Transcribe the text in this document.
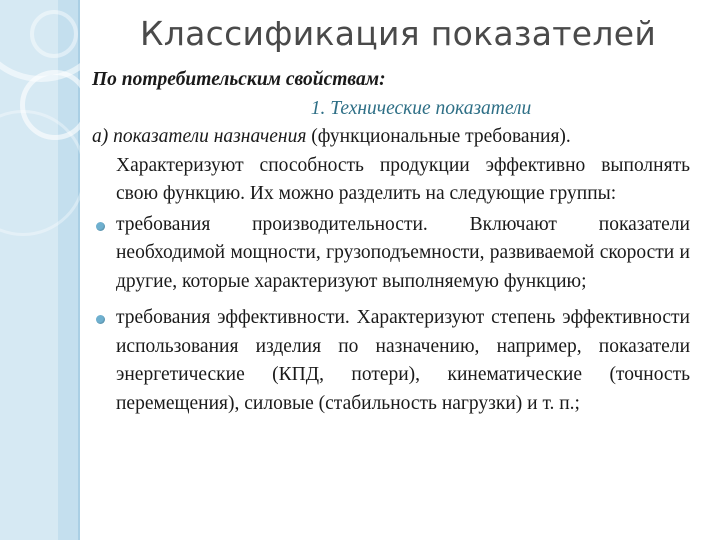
Классификация показателей

По потребительским свойствам:

1. Технические показатели

а) показатели назначения (функциональные требования).

Характеризуют способность продукции эффективно выполнять свою функцию. Их можно разделить на следующие группы:

требования производительности. Включают показатели необходимой мощности, грузоподъемности, развиваемой скорости и другие, которые характеризуют выполняемую функцию;
требования эффективности. Характеризуют степень эффективности использования изделия по назначению, например, показатели энергетические (КПД, потери), кинематические (точность перемещения), силовые (стабильность нагрузки) и т. п.;
